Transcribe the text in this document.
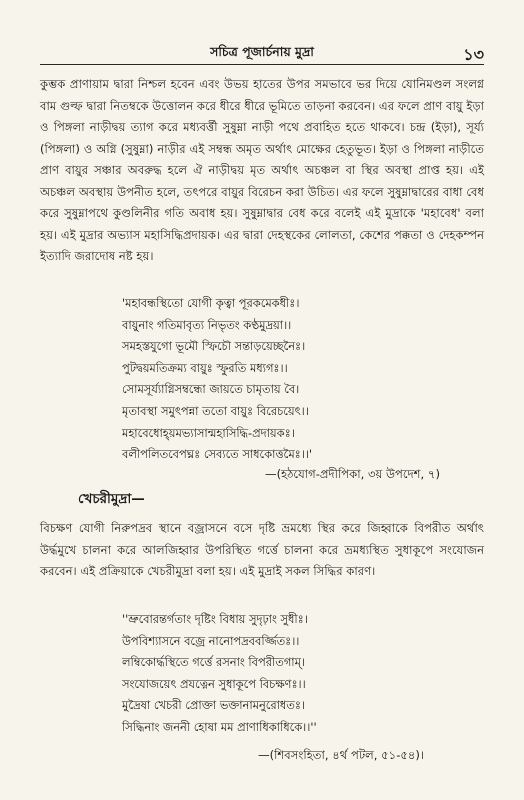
সচিত্র পূজার্চনায় মুদ্রা	১৩

কুম্ভক প্রাণায়াম দ্বারা নিশ্চল হবেন এবং উভয় হাতের উপর সমভাবে ভর দিয়ে যোনিমণ্ডল সংলগ্ন বাম গুল্ফ দ্বারা নিতম্বকে উত্তোলন করে ধীরে ধীরে ভূমিতে তাড়না করবেন। এর ফলে প্রাণ বায়ু ইড়া ও পিঙ্গলা নাড়ীদ্বয় ত্যাগ করে মধ্যবর্ত্তী সুষুম্না নাড়ী পথে প্রবাহিত হতে থাকবে। চন্দ্র (ইড়া), সূর্য্য (পিঙ্গলা) ও অগ্নি (সুষুম্না) নাড়ীর এই সম্বন্ধ অমৃত অর্থাৎ মোক্ষের হেতুভূত। ইড়া ও পিঙ্গলা নাড়ীতে প্রাণ বায়ুর সঞ্চার অবরুদ্ধ হলে ঐ নাড়ীদ্বয় মৃত অর্থাৎ অচঞ্চল বা স্থির অবস্থা প্রাপ্ত হয়। এই অচঞ্চল অবস্থায় উপনীত হলে, তৎপরে বায়ুর বিরেচন করা উচিত। এর ফলে সুষুম্নাদ্বারের বাধা বেধ করে সুষুম্নাপথে কুণ্ডলিনীর গতি অবাধ হয়। সুষুম্নাদ্বার বেধ করে বলেই এই মুদ্রাকে 'মহাবেধ' বলা হয়। এই মুদ্রার অভ্যাস মহাসিদ্ধিপ্রদায়ক। এর দ্বারা দেহস্থকের লোলতা, কেশের পক্কতা ও দেহকম্পন ইত্যাদি জরাদোষ নষ্ট হয়।

'মহাবন্ধস্থিতো যোগী কৃত্বা পূরকমেকধীঃ।
বায়ুনাং গতিমাবৃত্য নিভৃতং কণ্ঠমুদ্রয়া।।
সমহস্তযুগো ভূমৌ স্ফিচৌ সন্তাড়য়েচ্ছনৈঃ।
পুটদ্বয়মতিক্রম্য বায়ুঃ স্ফুরতি মধ্যগঃ।।
সোমসূর্য্যাগ্নিসম্বন্ধো জায়তে চামৃতায় বৈ।
মৃতাবস্থা সমুৎপন্না ততো বায়ুঃ বিরেচয়েৎ।।
মহাবেধোহ্য়মভ্যাসান্মহাসিদ্ধি-প্রদায়কঃ।
বলীপলিতবেপঘ্নঃ সেব্যতে সাধকোত্তমৈঃ।।'
—(হঠযোগ-প্রদীপিকা, ৩য় উপদেশ, ৭)
খেচরীমুদ্রা—

বিচক্ষণ যোগী নিরুপদ্রব স্থানে বজ্রাসনে বসে দৃষ্টি ভ্রমধ্যে স্থির করে জিহ্বাকে বিপরীত অর্থাৎ উর্দ্ধমুখে চালনা করে আলজিহ্বার উপরিস্থিত গর্ত্তে চালনা করে ভ্রমধ্যস্থিত সুধাকূপে সংযোজন করবেন। এই প্রক্রিয়াকে খেচরীমুদ্রা বলা হয়। এই মুদ্রাই সকল সিদ্ধির কারণ।

''ভ্রুবোরন্তর্গতাং দৃষ্টিং বিধায় সুদৃঢ়াং সুধীঃ।
উপবিশ্যাসনে বজ্রে নানোপদ্রববর্জ্জিতঃ।।
লম্বিকোর্দ্ধস্থিতে গর্ত্তে রসনাং বিপরীতগাম্।
সংযোজয়েৎ প্রযত্নেন সুধাকূপে বিচক্ষণঃ।।
মুদ্রৈষা খেচরী প্রোক্তা ভক্তানামনুরোধতঃ।
সিদ্ধিনাং জননী হোষা মম প্রাণাধিকাধিকে।।''
—(শিবসংহিতা, ৪র্থ পটল, ৫১-৫৪)।
